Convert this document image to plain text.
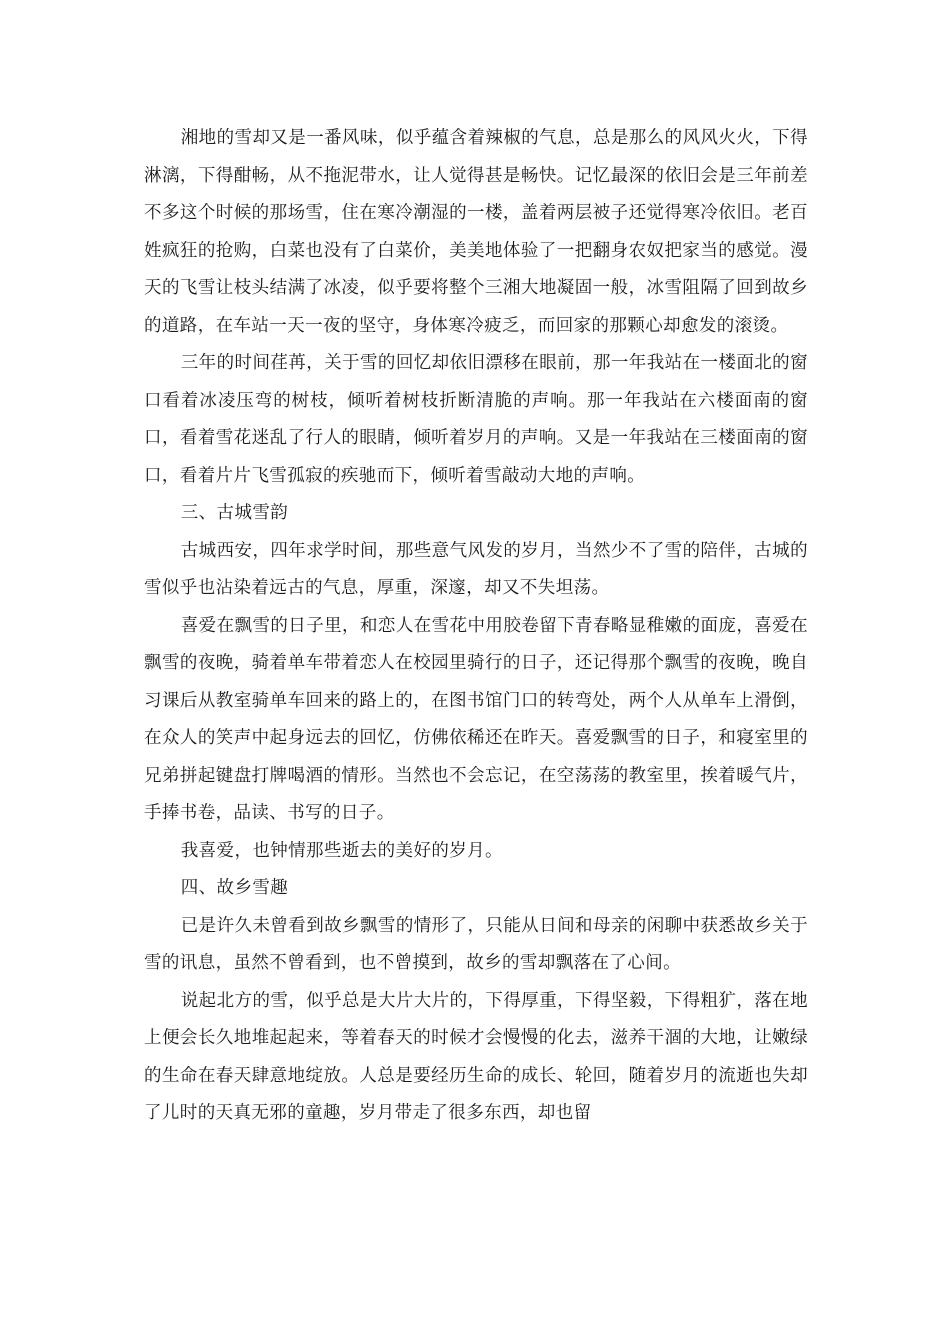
湘地的雪却又是一番风味，似乎蕴含着辣椒的气息，总是那么的风风火火，下得淋漓，下得酣畅，从不拖泥带水，让人觉得甚是畅快。记忆最深的依旧会是三年前差不多这个时候的那场雪，住在寒冷潮湿的一楼，盖着两层被子还觉得寒冷依旧。老百姓疯狂的抢购，白菜也没有了白菜价，美美地体验了一把翻身农奴把家当的感觉。漫天的飞雪让枝头结满了冰凌，似乎要将整个三湘大地凝固一般，冰雪阻隔了回到故乡的道路，在车站一天一夜的坚守，身体寒冷疲乏，而回家的那颗心却愈发的滚烫。

三年的时间荏苒，关于雪的回忆却依旧漂移在眼前，那一年我站在一楼面北的窗口看着冰凌压弯的树枝，倾听着树枝折断清脆的声响。那一年我站在六楼面南的窗口，看着雪花迷乱了行人的眼睛，倾听着岁月的声响。又是一年我站在三楼面南的窗口，看着片片飞雪孤寂的疾驰而下，倾听着雪敲动大地的声响。

三、古城雪韵

古城西安，四年求学时间，那些意气风发的岁月，当然少不了雪的陪伴，古城的雪似乎也沾染着远古的气息，厚重，深邃，却又不失坦荡。

喜爱在飘雪的日子里，和恋人在雪花中用胶卷留下青春略显稚嫩的面庞，喜爱在飘雪的夜晚，骑着单车带着恋人在校园里骑行的日子，还记得那个飘雪的夜晚，晚自习课后从教室骑单车回来的路上的，在图书馆门口的转弯处，两个人从单车上滑倒，在众人的笑声中起身远去的回忆，仿佛依稀还在昨天。喜爱飘雪的日子，和寝室里的兄弟拼起键盘打牌喝酒的情形。当然也不会忘记，在空荡荡的教室里，挨着暖气片，手捧书卷，品读、书写的日子。

我喜爱，也钟情那些逝去的美好的岁月。

四、故乡雪趣

已是许久未曾看到故乡飘雪的情形了，只能从日间和母亲的闲聊中获悉故乡关于雪的讯息，虽然不曾看到，也不曾摸到，故乡的雪却飘落在了心间。

说起北方的雪，似乎总是大片大片的，下得厚重，下得坚毅，下得粗犷，落在地上便会长久地堆起起来，等着春天的时候才会慢慢的化去，滋养干涸的大地，让嫩绿的生命在春天肆意地绽放。人总是要经历生命的成长、轮回，随着岁月的流逝也失却了儿时的天真无邪的童趣，岁月带走了很多东西，却也留
